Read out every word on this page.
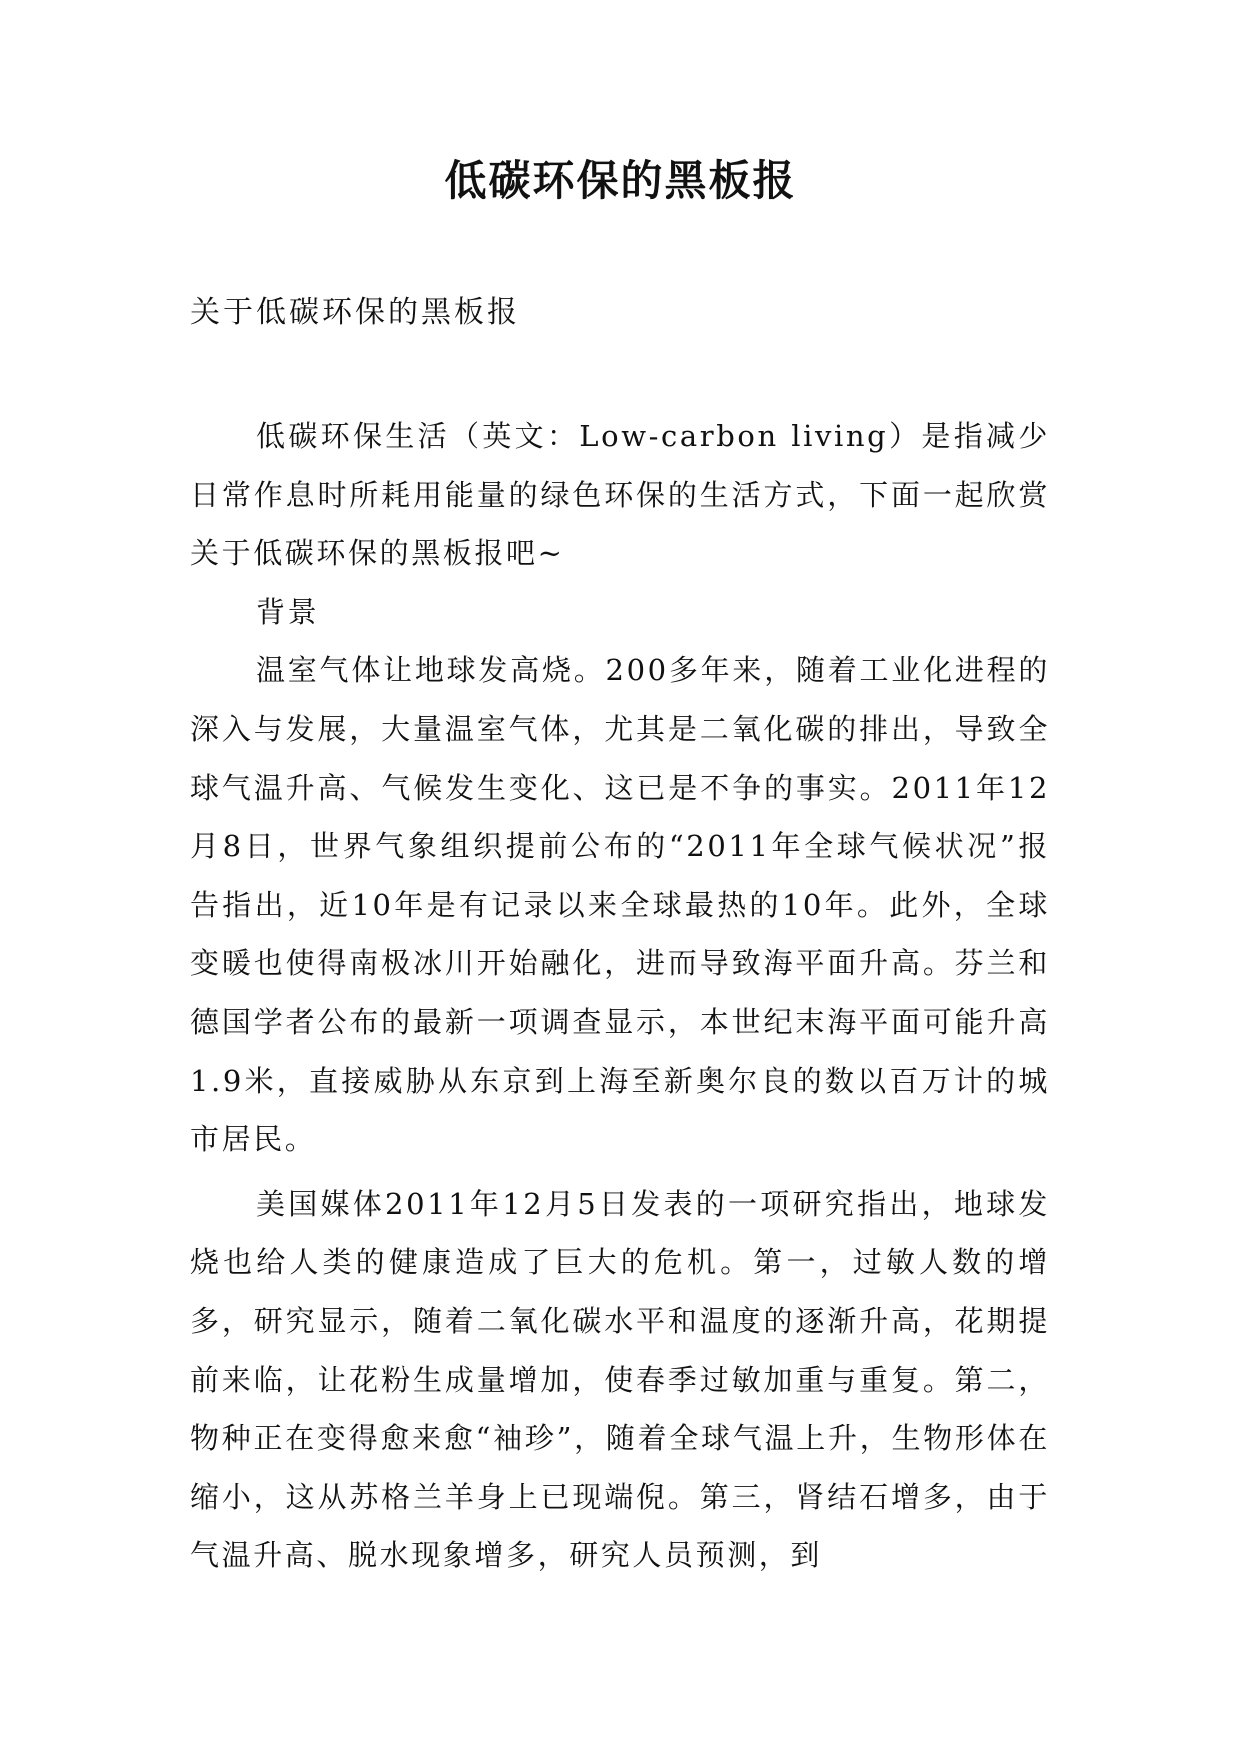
低碳环保的黑板报

关于低碳环保的黑板报

低碳环保生活（英文：Low-carbon living）是指减少日常作息时所耗用能量的绿色环保的生活方式，下面一起欣赏关于低碳环保的黑板报吧~

背景

温室气体让地球发高烧。200多年来，随着工业化进程的深入与发展，大量温室气体，尤其是二氧化碳的排出，导致全球气温升高、气候发生变化、这已是不争的事实。2011年12月8日，世界气象组织提前公布的“2011年全球气候状况”报告指出，近10年是有记录以来全球最热的10年。此外，全球变暖也使得南极冰川开始融化，进而导致海平面升高。芬兰和德国学者公布的最新一项调查显示，本世纪末海平面可能升高1.9米，直接威胁从东京到上海至新奥尔良的数以百万计的城市居民。

美国媒体2011年12月5日发表的一项研究指出，地球发烧也给人类的健康造成了巨大的危机。第一，过敏人数的增多，研究显示，随着二氧化碳水平和温度的逐渐升高，花期提前来临，让花粉生成量增加，使春季过敏加重与重复。第二，物种正在变得愈来愈“袖珍”，随着全球气温上升，生物形体在缩小，这从苏格兰羊身上已现端倪。第三，肾结石增多，由于气温升高、脱水现象增多，研究人员预测，到
